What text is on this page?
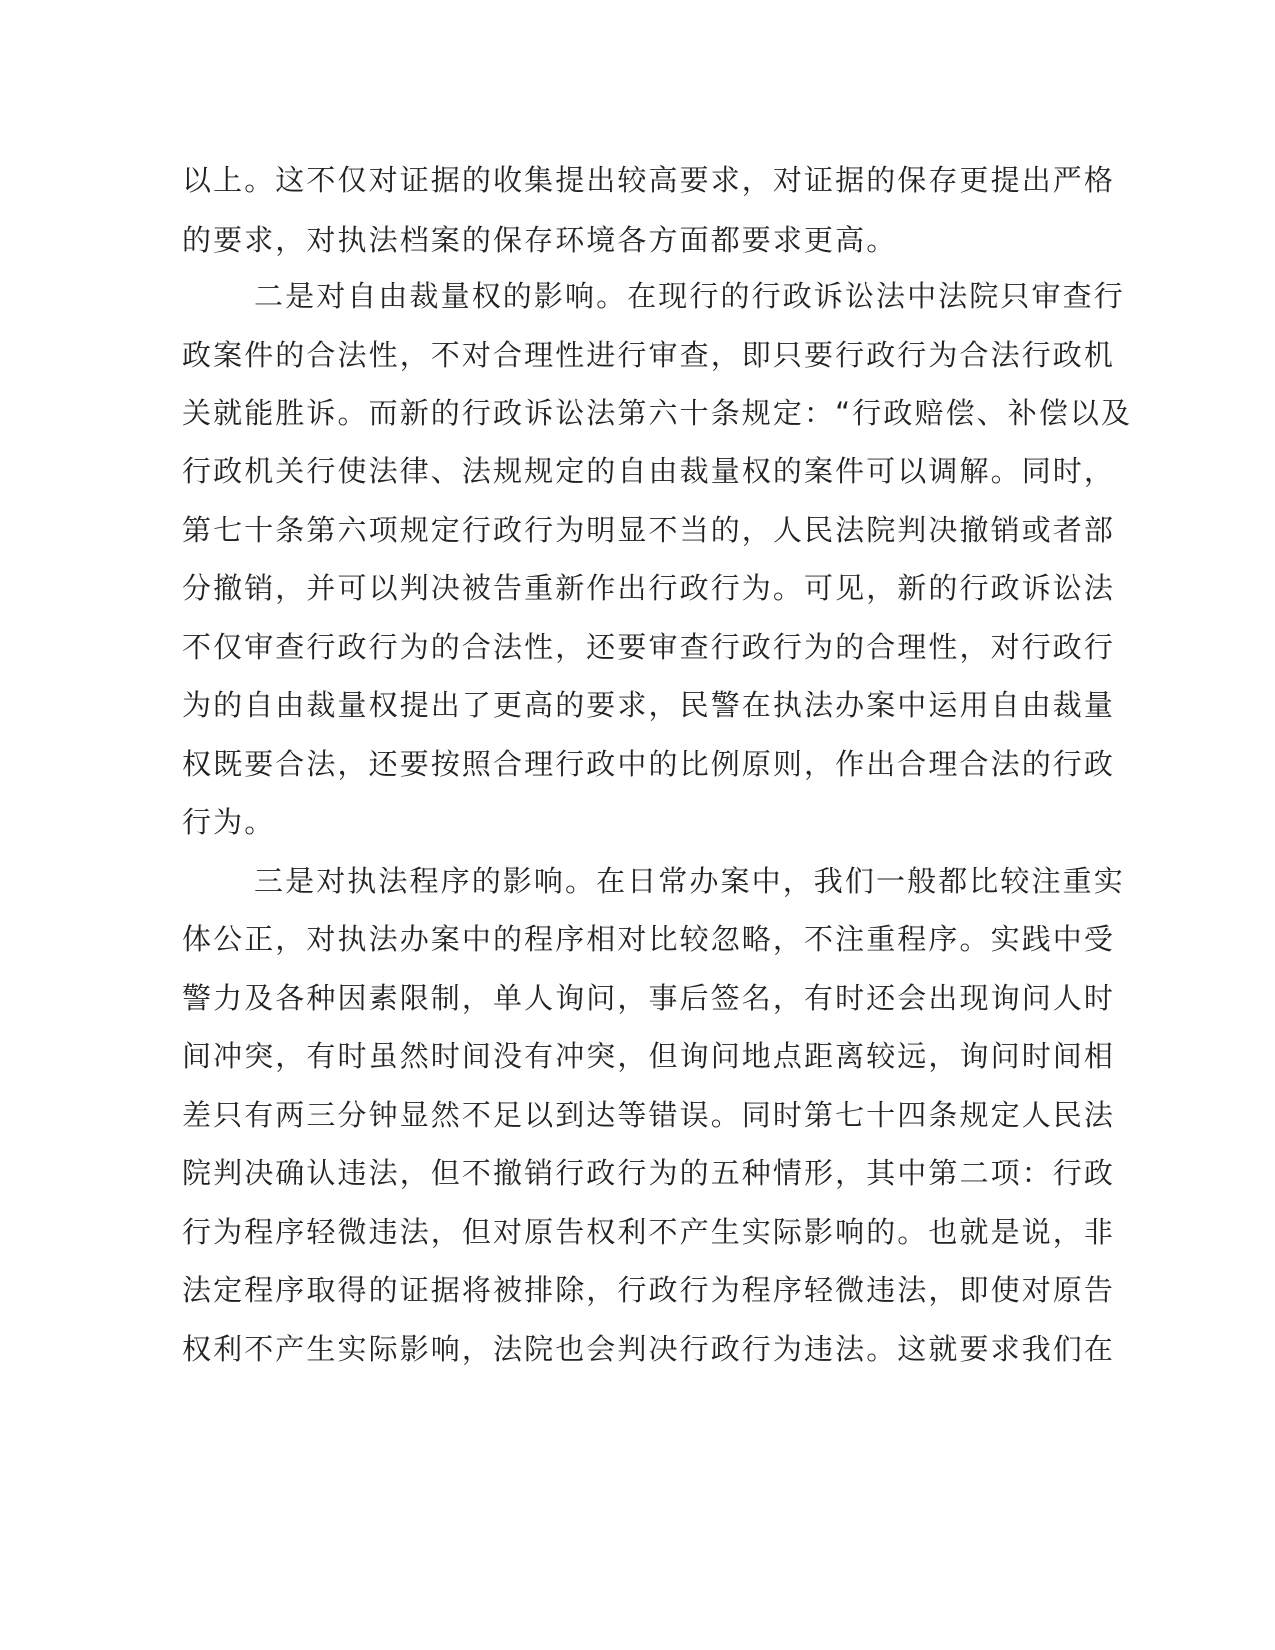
以上。这不仅对证据的收集提出较高要求，对证据的保存更提出严格
的要求，对执法档案的保存环境各方面都要求更高。
二是对自由裁量权的影响。在现行的行政诉讼法中法院只审查行
政案件的合法性，不对合理性进行审查，即只要行政行为合法行政机
关就能胜诉。而新的行政诉讼法第六十条规定：“行政赔偿、补偿以及
行政机关行使法律、法规规定的自由裁量权的案件可以调解。同时，
第七十条第六项规定行政行为明显不当的，人民法院判决撤销或者部
分撤销，并可以判决被告重新作出行政行为。可见，新的行政诉讼法
不仅审查行政行为的合法性，还要审查行政行为的合理性，对行政行
为的自由裁量权提出了更高的要求，民警在执法办案中运用自由裁量
权既要合法，还要按照合理行政中的比例原则，作出合理合法的行政
行为。
三是对执法程序的影响。在日常办案中，我们一般都比较注重实
体公正，对执法办案中的程序相对比较忽略，不注重程序。实践中受
警力及各种因素限制，单人询问，事后签名，有时还会出现询问人时
间冲突，有时虽然时间没有冲突，但询问地点距离较远，询问时间相
差只有两三分钟显然不足以到达等错误。同时第七十四条规定人民法
院判决确认违法，但不撤销行政行为的五种情形，其中第二项：行政
行为程序轻微违法，但对原告权利不产生实际影响的。也就是说，非
法定程序取得的证据将被排除，行政行为程序轻微违法，即使对原告
权利不产生实际影响，法院也会判决行政行为违法。这就要求我们在
